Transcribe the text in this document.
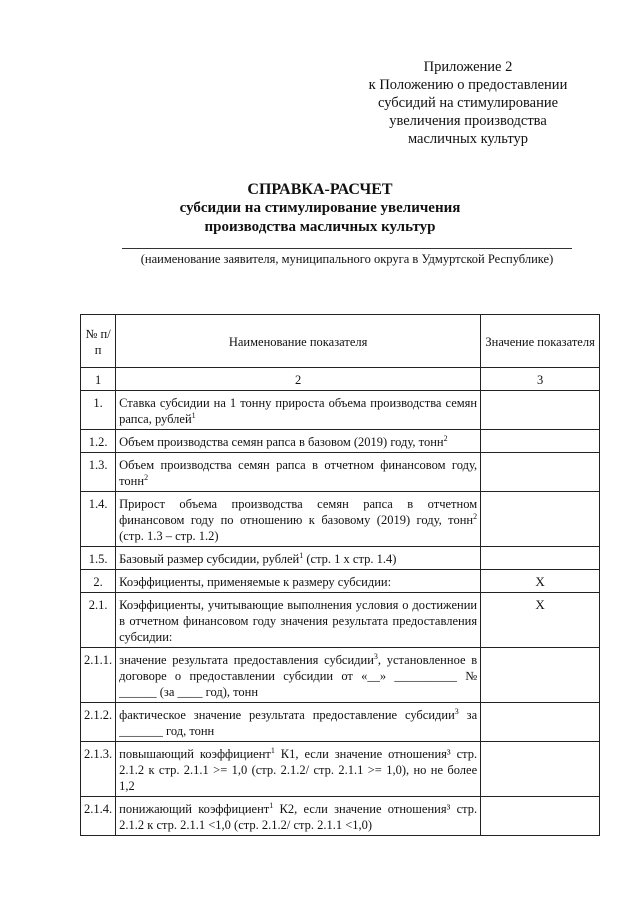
Приложение 2
к Положению о предоставлении
субсидий на стимулирование
увеличения производства
масличных культур
СПРАВКА-РАСЧЕТ
субсидии на стимулирование увеличения
производства масличных культур
(наименование заявителя, муниципального округа в Удмуртской Республике)
№ п/п	Наименование показателя	Значение показателя
1	2	3
1.	Ставка субсидии на 1 тонну прироста объема производства семян рапса, рублей$^1$	
1.2.	Объем производства семян рапса в базовом (2019) году, тонн$^2$	
1.3.	Объем производства семян рапса в отчетном финансовом году, тонн$^2$	
1.4.	Прирост объема производства семян рапса в отчетном финансовом году по отношению к базовому (2019) году, тонн$^2$ (стр. 1.3 – стр. 1.2)	
1.5.	Базовый размер субсидии, рублей$^1$ (стр. 1 х стр. 1.4)	
2.	Коэффициенты, применяемые к размеру субсидии:	Х
2.1.	Коэффициенты, учитывающие выполнения условия о достижении в отчетном финансовом году значения результата предоставления субсидии:	Х
2.1.1.	значение результата предоставления субсидии$^3$, установленное в договоре о предоставлении субсидии от «__» __________ № ______ (за ____ год), тонн	
2.1.2.	фактическое значение результата предоставление субсидии$^3$ за _______ год, тонн	
2.1.3.	повышающий коэффициент$^1$ К1, если значение отношения³ стр. 2.1.2 к стр. 2.1.1 >= 1,0 (стр. 2.1.2/ стр. 2.1.1 >= 1,0), но не более 1,2	
2.1.4.	понижающий коэффициент$^1$ К2, если значение отношения³ стр. 2.1.2 к стр. 2.1.1 <1,0 (стр. 2.1.2/ стр. 2.1.1 <1,0)	
